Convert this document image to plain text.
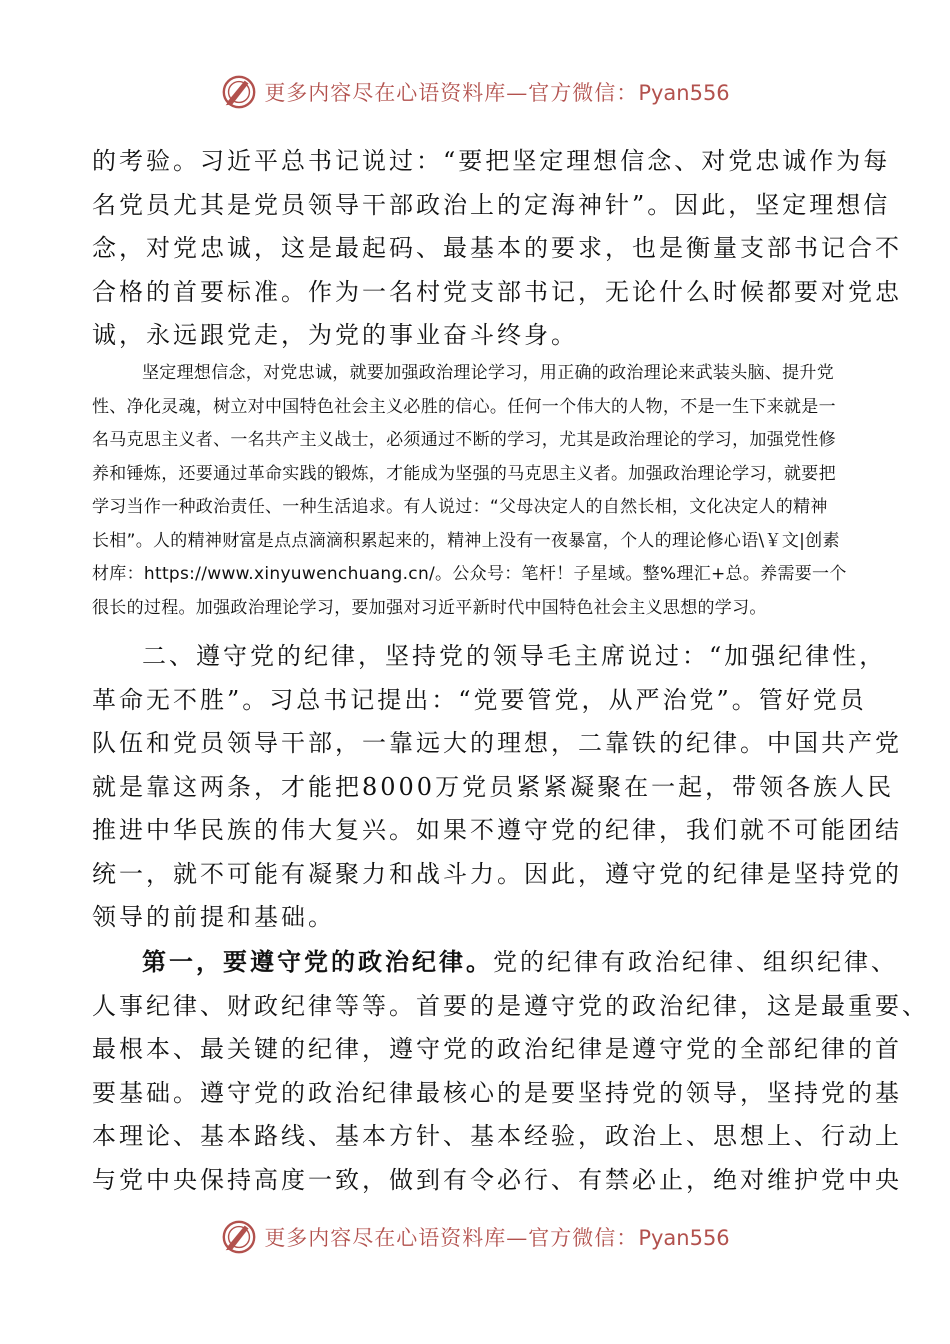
更多内容尽在心语资料库—官方微信：Pyan556
的考验。习近平总书记说过：“要把坚定理想信念、对党忠诚作为每
名党员尤其是党员领导干部政治上的定海神针”。因此，坚定理想信
念，对党忠诚，这是最起码、最基本的要求，也是衡量支部书记合不
合格的首要标准。作为一名村党支部书记，无论什么时候都要对党忠
诚，永远跟党走，为党的事业奋斗终身。
坚定理想信念，对党忠诚，就要加强政治理论学习，用正确的政治理论来武装头脑、提升党
性、净化灵魂，树立对中国特色社会主义必胜的信心。任何一个伟大的人物，不是一生下来就是一
名马克思主义者、一名共产主义战士，必须通过不断的学习，尤其是政治理论的学习，加强党性修
养和锤炼，还要通过革命实践的锻炼，才能成为坚强的马克思主义者。加强政治理论学习，就要把
学习当作一种政治责任、一种生活追求。有人说过：“父母决定人的自然长相，文化决定人的精神
长相”。人的精神财富是点点滴滴积累起来的，精神上没有一夜暴富，个人的理论修心语\￥文|创素
材库：https://www.xinyuwenchuang.cn/。公众号：笔杆！子星域。整%理汇+总。养需要一个
很长的过程。加强政治理论学习，要加强对习近平新时代中国特色社会主义思想的学习。
二、遵守党的纪律，坚持党的领导毛主席说过：“加强纪律性，
革命无不胜”。习总书记提出：“党要管党，从严治党”。管好党员
队伍和党员领导干部，一靠远大的理想，二靠铁的纪律。中国共产党
就是靠这两条，才能把8000万党员紧紧凝聚在一起，带领各族人民
推进中华民族的伟大复兴。如果不遵守党的纪律，我们就不可能团结
统一，就不可能有凝聚力和战斗力。因此，遵守党的纪律是坚持党的
领导的前提和基础。
第一，要遵守党的政治纪律。党的纪律有政治纪律、组织纪律、
人事纪律、财政纪律等等。首要的是遵守党的政治纪律，这是最重要、
最根本、最关键的纪律，遵守党的政治纪律是遵守党的全部纪律的首
要基础。遵守党的政治纪律最核心的是要坚持党的领导，坚持党的基
本理论、基本路线、基本方针、基本经验，政治上、思想上、行动上
与党中央保持高度一致，做到有令必行、有禁必止，绝对维护党中央
更多内容尽在心语资料库—官方微信：Pyan556
